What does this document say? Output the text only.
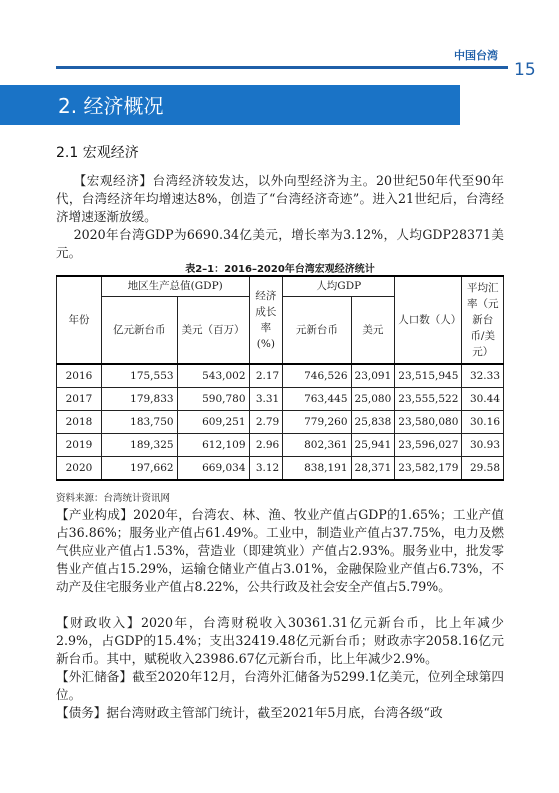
中国台湾
15
2. 经济概况
2.1 宏观经济

【宏观经济】台湾经济较发达，以外向型经济为主。20世纪50年代至90年代，台湾经济年均增速达8%，创造了“台湾经济奇迹”。进入21世纪后，台湾经济增速逐渐放缓。

2020年台湾GDP为6690.34亿美元，增长率为3.12%，人均GDP28371美元。

表2–1：2016–2020年台湾宏观经济统计
年份	地区生产总值(GDP)		经济成长率(%)	人均GDP		人口数（人）	平均汇率（元新台币/美元）
	亿元新台币	美元（百万）		元新台币	美元		
2016	175,553	543,002	2.17	746,526	23,091	23,515,945	32.33
2017	179,833	590,780	3.31	763,445	25,080	23,555,522	30.44
2018	183,750	609,251	2.79	779,260	25,838	23,580,080	30.16
2019	189,325	612,109	2.96	802,361	25,941	23,596,027	30.93
2020	197,662	669,034	3.12	838,191	28,371	23,582,179	29.58
资料来源：台湾统计资讯网

【产业构成】2020年，台湾农、林、渔、牧业产值占GDP的1.65%；工业产值占36.86%；服务业产值占61.49%。工业中，制造业产值占37.75%，电力及燃气供应业产值占1.53%，营造业（即建筑业）产值占2.93%。服务业中，批发零售业产值占15.29%，运输仓储业产值占3.01%，金融保险业产值占6.73%，不动产及住宅服务业产值占8.22%，公共行政及社会安全产值占5.79%。

【财政收入】2020年，台湾财税收入30361.31亿元新台币，比上年减少2.9%，占GDP的15.4%；支出32419.48亿元新台币；财政赤字2058.16亿元新台币。其中，赋税收入23986.67亿元新台币，比上年减少2.9%。

【外汇储备】截至2020年12月，台湾外汇储备为5299.1亿美元，位列全球第四位。

【债务】据台湾财政主管部门统计，截至2021年5月底，台湾各级“政
